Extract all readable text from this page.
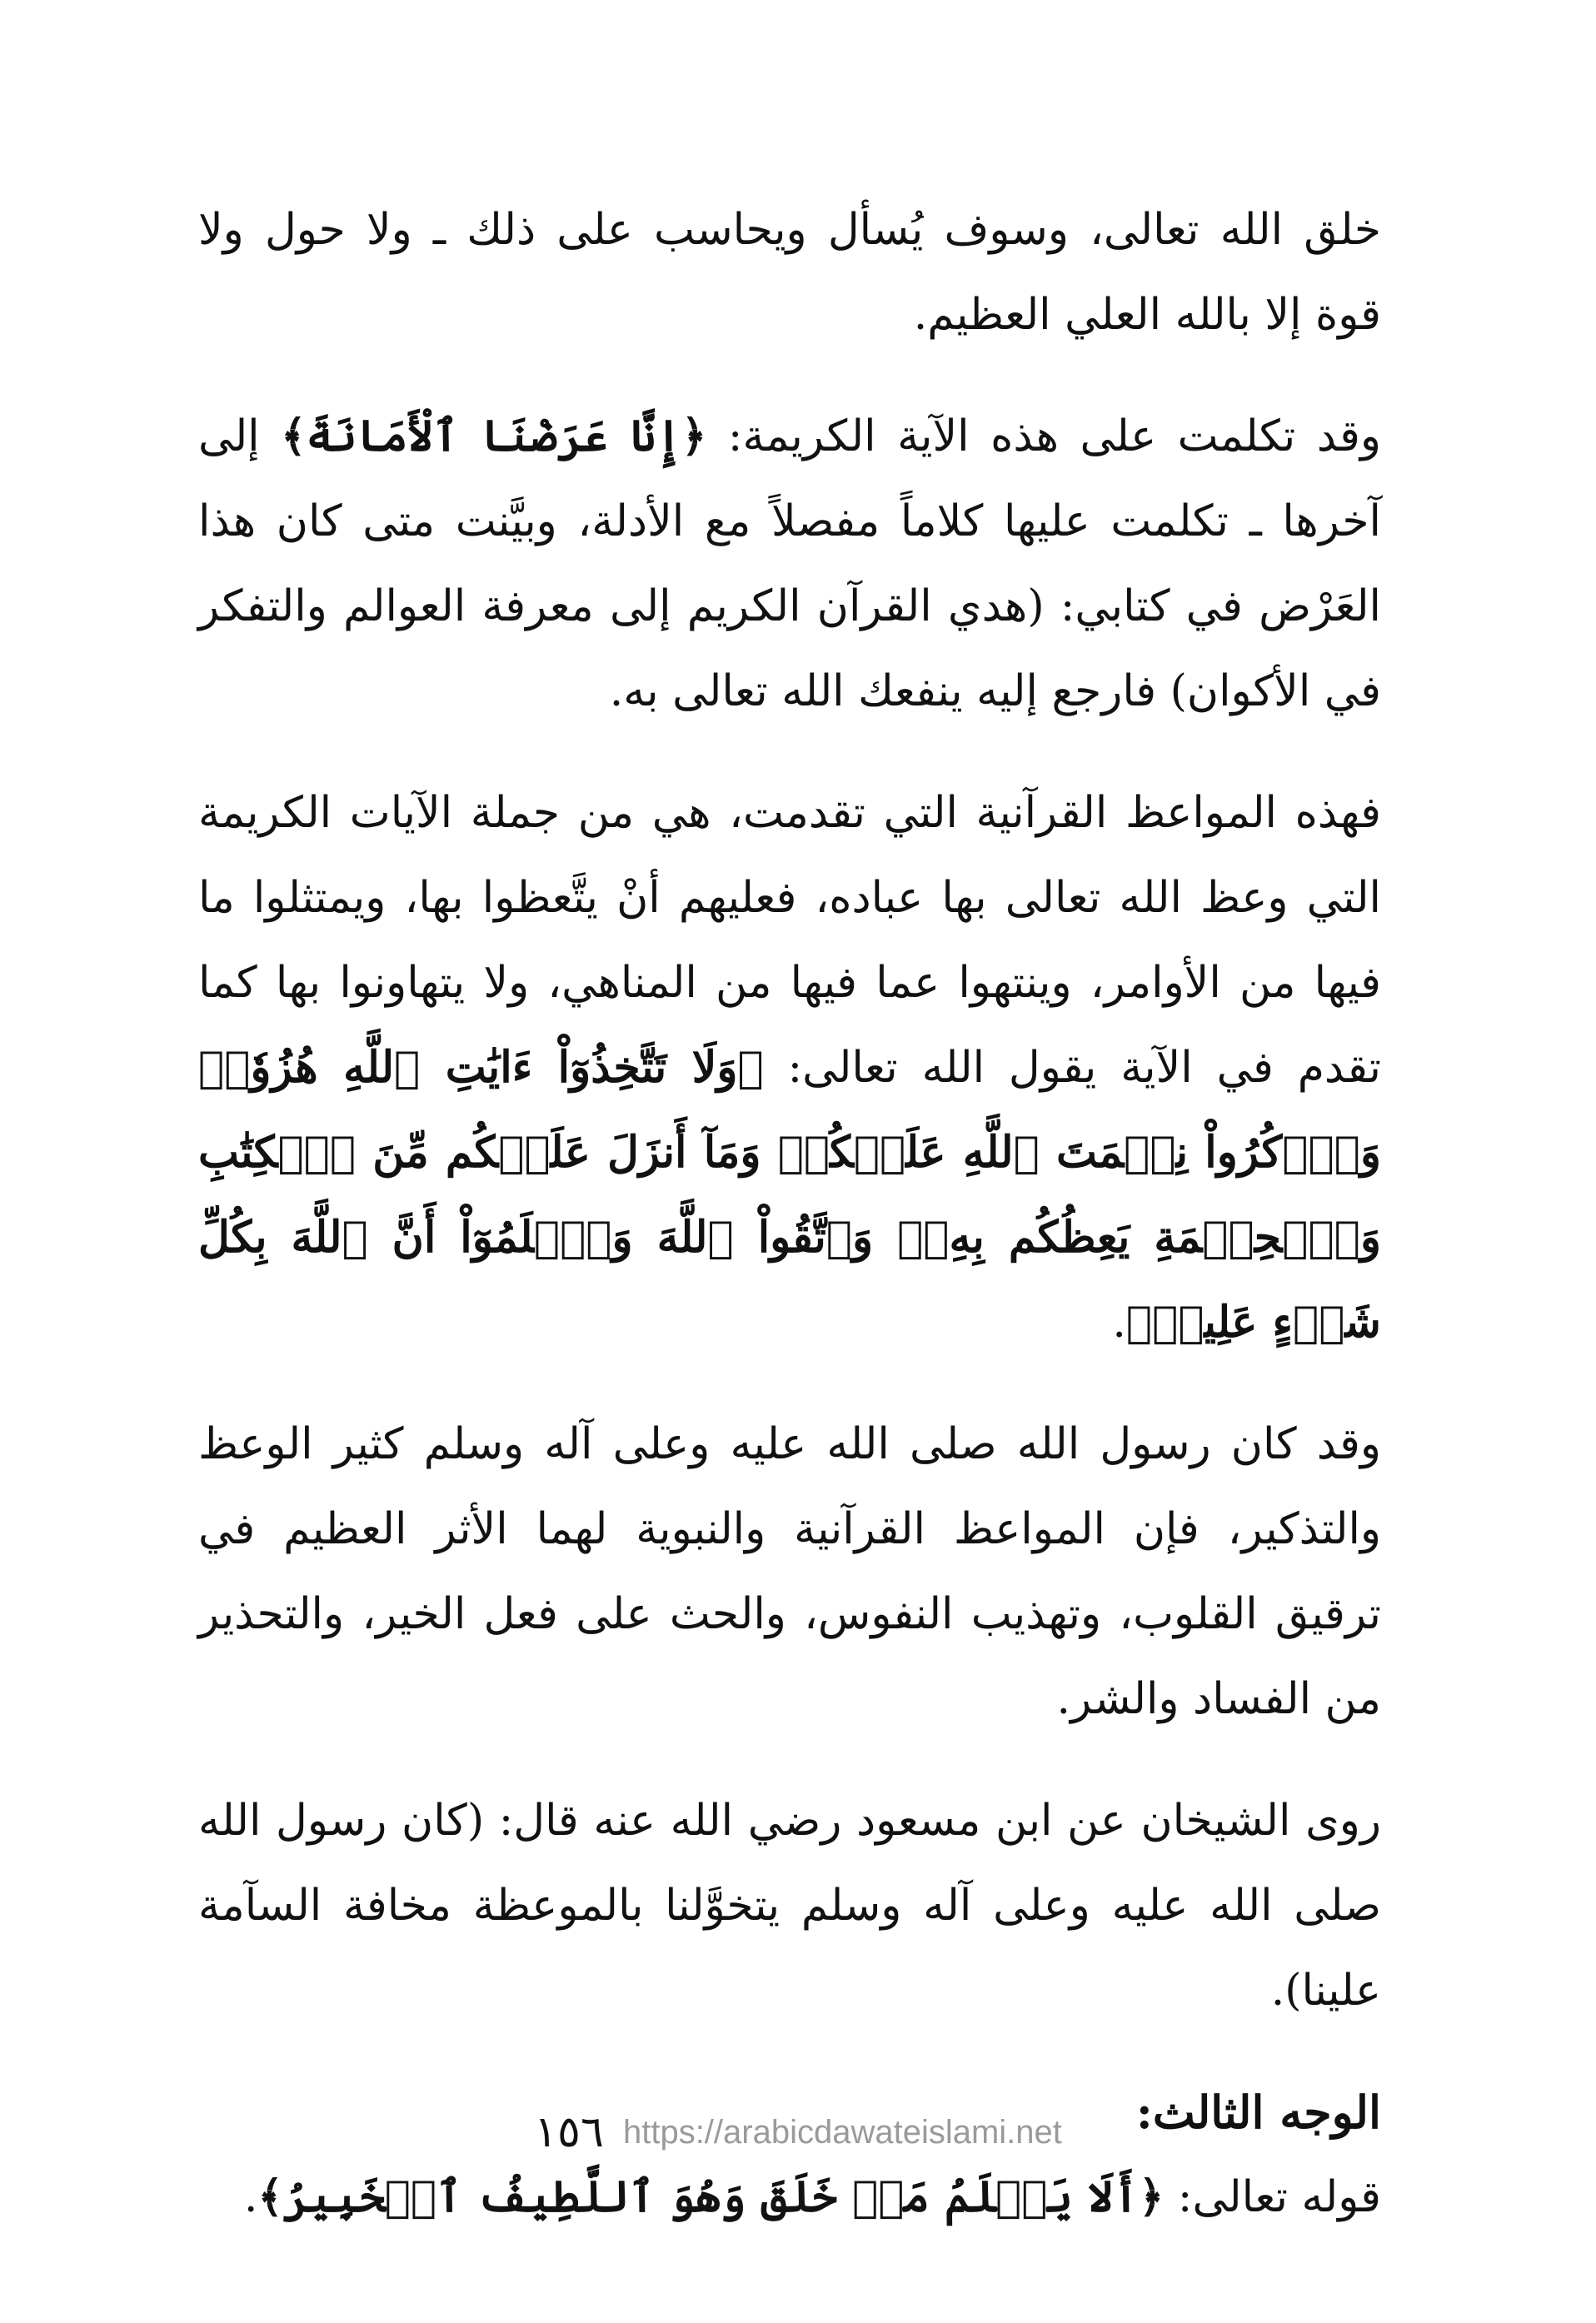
خلق الله تعالى، وسوف يُسأل ويحاسب على ذلك ـ ولا حول ولا قوة إلا بالله العلي العظيم.

وقد تكلمت على هذه الآية الكريمة: ﴿إِنَّا عَرَضْنَا ٱلْأَمَانَةَ﴾ إلى آخرها ـ تكلمت عليها كلاماً مفصلاً مع الأدلة، وبيَّنت متى كان هذا العَرْض في كتابي: (هدي القرآن الكريم إلى معرفة العوالم والتفكر في الأكوان) فارجع إليه ينفعك الله تعالى به.

فهذه المواعظ القرآنية التي تقدمت، هي من جملة الآيات الكريمة التي وعظ الله تعالى بها عباده، فعليهم أنْ يتَّعظوا بها، ويمتثلوا ما فيها من الأوامر، وينتهوا عما فيها من المناهي، ولا يتهاونوا بها كما تقدم في الآية يقول الله تعالى: ﴿وَلَا تَتَّخِذُوٓاْ ءَايَٰتِ ٱللَّهِ هُزُوٗاۚ وَٱذۡكُرُواْ نِعۡمَتَ ٱللَّهِ عَلَيۡكُمۡ وَمَآ أَنزَلَ عَلَيۡكُم مِّنَ ٱلۡكِتَٰبِ وَٱلۡحِكۡمَةِ يَعِظُكُم بِهِۦۚ وَٱتَّقُواْ ٱللَّهَ وَٱعۡلَمُوٓاْ أَنَّ ٱللَّهَ بِكُلِّ شَيۡءٍ عَلِيمٞ﴾.

وقد كان رسول الله صلى الله عليه وعلى آله وسلم كثير الوعظ والتذكير، فإن المواعظ القرآنية والنبوية لهما الأثر العظيم في ترقيق القلوب، وتهذيب النفوس، والحث على فعل الخير، والتحذير من الفساد والشر.

روى الشيخان عن ابن مسعود رضي الله عنه قال: (كان رسول الله صلى الله عليه وعلى آله وسلم يتخوَّلنا بالموعظة مخافة السآمة علينا).

الوجه الثالث:

قوله تعالى: ﴿أَلَا يَعۡلَمُ مَنۡ خَلَقَ وَهُوَ ٱللَّطِيفُ ٱلۡخَبِيرُ﴾.

١٥٦ https://arabicdawateislami.net
